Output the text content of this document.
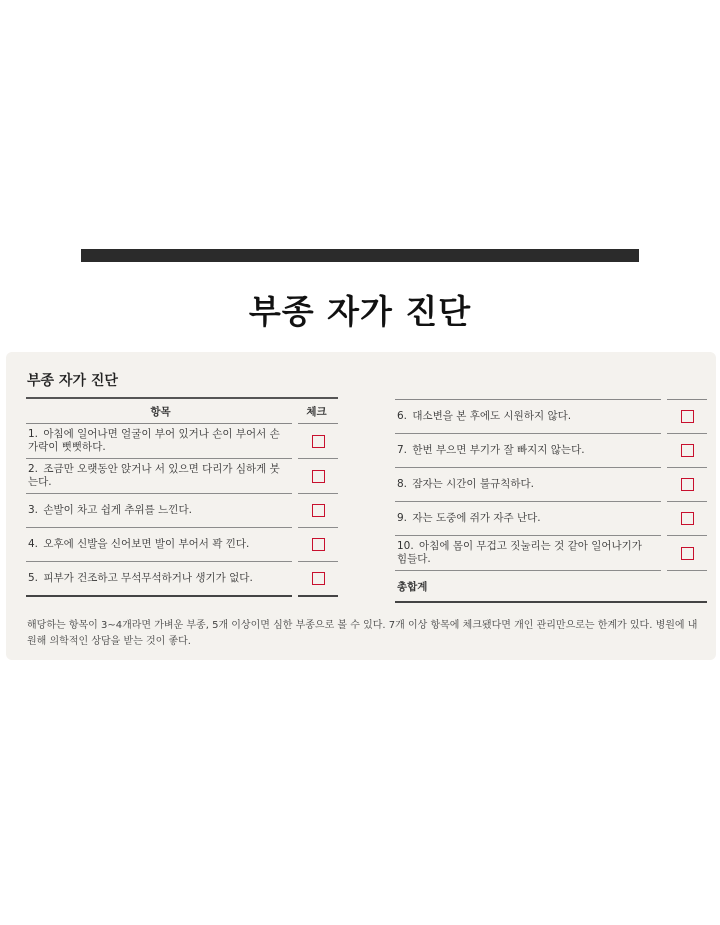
부종 자가 진단
부종 자가 진단
항목	체크
1. 아침에 일어나면 얼굴이 부어 있거나 손이 부어서 손가락이 뻣뻣하다.	
2. 조금만 오랫동안 앉거나 서 있으면 다리가 심하게 붓는다.	
3. 손발이 차고 쉽게 추위를 느낀다.	
4. 오후에 신발을 신어보면 발이 부어서 꽉 낀다.	
5. 피부가 건조하고 무석무석하거나 생기가 없다.	
6. 대소변을 본 후에도 시원하지 않다.	
7. 한번 부으면 부기가 잘 빠지지 않는다.	
8. 잠자는 시간이 불규칙하다.	
9. 자는 도중에 쥐가 자주 난다.	
10. 아침에 몸이 무겁고 짓눌리는 것 같아 일어나기가 힘들다.	
총합계	
해당하는 항목이 3~4개라면 가벼운 부종, 5개 이상이면 심한 부종으로 볼 수 있다. 7개 이상 항목에 체크됐다면 개인 관리만으로는 한계가 있다. 병원에 내원해 의학적인 상담을 받는 것이 좋다.
